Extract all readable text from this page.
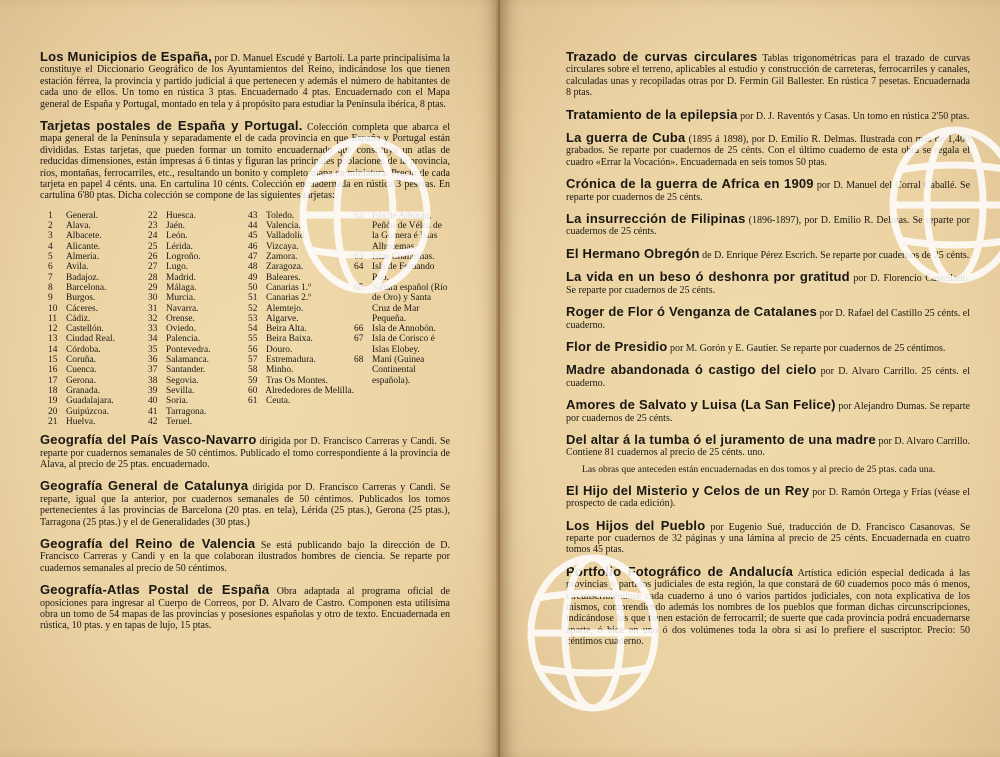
Los Municipios de España, por D. Manuel Escudé y Bartolí. La parte principalísima la constituye el Diccionario Geográfico de los Ayuntamientos del Reino, indicándose los que tienen estación férrea, la provincia y partido judicial á que pertenecen y además el número de habitantes de cada uno de ellos. Un tomo en rústica 3 ptas. Encuadernado 4 ptas. Encuadernado con el Mapa general de España y Portugal, montado en tela y á propósito para estudiar la Península ibérica, 8 ptas.
Tarjetas postales de España y Portugal. Colección completa que abarca el mapa general de la Península y separadamente el de cada provincia en que España y Portugal están divididas. Estas tarjetas, que pueden formar un tomito encuadernado que constituya un atlas de reducidas dimensiones, están impresas á 6 tintas y figuran las principales poblaciones de la provincia, ríos, montañas, ferrocarriles, etc., resultando un bonito y completo mapa en miniatura. Precio de cada tarjeta en papel 4 cénts. una. En cartulina 10 cénts. Colección encuadernada en rústica 3 pesetas. En cartulina 6'80 ptas. Dicha colección se compone de las siguientes tarjetas:
1	General.
2	Alava.
3	Albacete.
4	Alicante.
5	Almería.
6	Avila.
7	Badajoz.
8	Barcelona.
9	Burgos.
10 Cáceres.
11 Cádiz.
12 Castellón.
13 Ciudad Real.
14 Córdoba.
15 Coruña.
16 Cuenca.
17 Gerona.
18 Granada.
19 Guadalajara.
20 Guipúzcoa.
21 Huelva.
22 Huesca.
23 Jaén.
24 León.
25 Lérida.
26 Logroño.
27 Lugo.
28 Madrid.
29 Málaga.
30 Murcia.
31 Navarra.
32 Orense.
33 Oviedo.
34 Palencia.
35 Pontevedra.
36 Salamanca.
37 Santander.
38 Segovia.
39 Sevilla.
40 Soria.
41 Tarragona.
42 Teruel.
43 Toledo.
44 Valencia.
45 Valladolid.
46 Vizcaya.
47 Zamora.
48 Zaragoza.
49 Baleares.
50 Canarias 1.º
51 Canarias 2.º
52 Alemtejo.
53 Algarve.
54 Beira Alta.
55 Beira Baixa.
56 Douro.
57 Estremadura.
58 Minho.
59 Tras Os Montes.
60 Alrededores de Melilla.
61 Ceuta.
62 Isla de Alborán, Peñón de Vélez de la Gomera é Islas Alhucemas.
63 Islas Chafarinas.
64 Isla de Fernando Póo.
65 Sahara español (Río de Oro) y Santa Cruz de Mar Pequeña.
66 Isla de Annobón.
67 Isla de Corisco é Islas Elobey.
68 Maní (Guinea Continental española).
Geografía del País Vasco-Navarro dirigida por D. Francisco Carreras y Candi. Se reparte por cuadernos semanales de 50 céntimos. Publicado el tomo correspondiente á la provincia de Alava, al precio de 25 ptas. encuadernado.
Geografía General de Catalunya dirigida por D. Francisco Carreras y Candi. Se reparte, igual que la anterior, por cuadernos semanales de 50 céntimos. Publicados los tomos pertenecientes á las provincias de Barcelona (20 ptas. en tela), Lérida (25 ptas.), Gerona (25 ptas.), Tarragona (25 ptas.) y el de Generalidades (30 ptas.)
Geografía del Reino de Valencia Se está publicando bajo la dirección de D. Francisco Carreras y Candi y en la que colaboran ilustrados hombres de ciencia. Se reparte por cuadernos semanales al precio de 50 céntimos.
Geografía-Atlas Postal de España Obra adaptada al programa oficial de oposiciones para ingresar al Cuerpo de Correos, por D. Alvaro de Castro. Componen esta utilísima obra un tomo de 54 mapas de las provincias y posesiones españolas y otro de texto. Encuadernada en rústica, 10 ptas. y en tapas de lujo, 15 ptas.
Trazado de curvas circulares Tablas trigonométricas para el trazado de curvas circulares sobre el terreno, aplicables al estudio y construcción de carreteras, ferrocarriles y canales, calculadas unas y recopiladas otras por D. Fermín Gil Ballester. En rústica 7 pesetas. Encuadernada 8 ptas.
Tratamiento de la epilepsia por D. J. Raventós y Casas. Un tomo en rústica 2'50 ptas.
La guerra de Cuba (1895 á 1898), por D. Emilio R. Delmas. Ilustrada con más de 1,400 grabados. Se reparte por cuadernos de 25 cénts. Con el último cuaderno de esta obra se regala el cuadro «Errar la Vocación». Encuadernada en seis tomos 50 ptas.
Crónica de la guerra de Africa en 1909 por D. Manuel del Corral Caballé. Se reparte por cuadernos de 25 cénts.
La insurrección de Filipinas (1896-1897), por D. Emilio R. Delmas. Se reparte por cuadernos de 25 cénts.
El Hermano Obregón de D. Enrique Pérez Escrich. Se reparte por cuadernos de 25 cénts.
La vida en un beso ó deshonra por gratitud por D. Florencio Castellano. Se reparte por cuadernos de 25 cénts.
Roger de Flor ó Venganza de Catalanes por D. Rafael del Castillo 25 cénts. el cuaderno.
Flor de Presidio por M. Gorón y E. Gautier. Se reparte por cuadernos de 25 céntimos.
Madre abandonada ó castigo del cielo por D. Alvaro Carrillo. 25 cénts. el cuaderno.
Amores de Salvato y Luisa (La San Felice) por Alejandro Dumas. Se reparte por cuadernos de 25 cénts.
Del altar á la tumba ó el juramento de una madre por D. Alvaro Carrillo. Contiene 81 cuadernos al precio de 25 cénts. uno.
Las obras que anteceden están encuadernadas en dos tomos y al precio de 25 ptas. cada una.
El Hijo del Misterio y Celos de un Rey por D. Ramón Ortega y Frías (véase el prospecto de cada edición).
Los Hijos del Pueblo por Eugenio Sué, traducción de D. Francisco Casanovas. Se reparte por cuadernos de 32 páginas y una lámina al precio de 25 cénts. Encuadernada en cuatro tomos 45 ptas.
Portfolio Fotográfico de Andalucía Artística edición especial dedicada á las provincias y partidos judiciales de esta región, la que constará de 60 cuadernos poco más ó menos, circunscribiéndose cada cuaderno á uno ó varios partidos judiciales, con nota explicativa de los mismos, comprendiendo además los nombres de los pueblos que forman dichas circunscripciones, indicándose los que tienen estación de ferrocarril; de suerte que cada provincia podrá encuadernarse aparte, ó bien en uno ó dos volúmenes toda la obra si así lo prefiere el suscriptor. Precio: 50 céntimos cuaderno.
